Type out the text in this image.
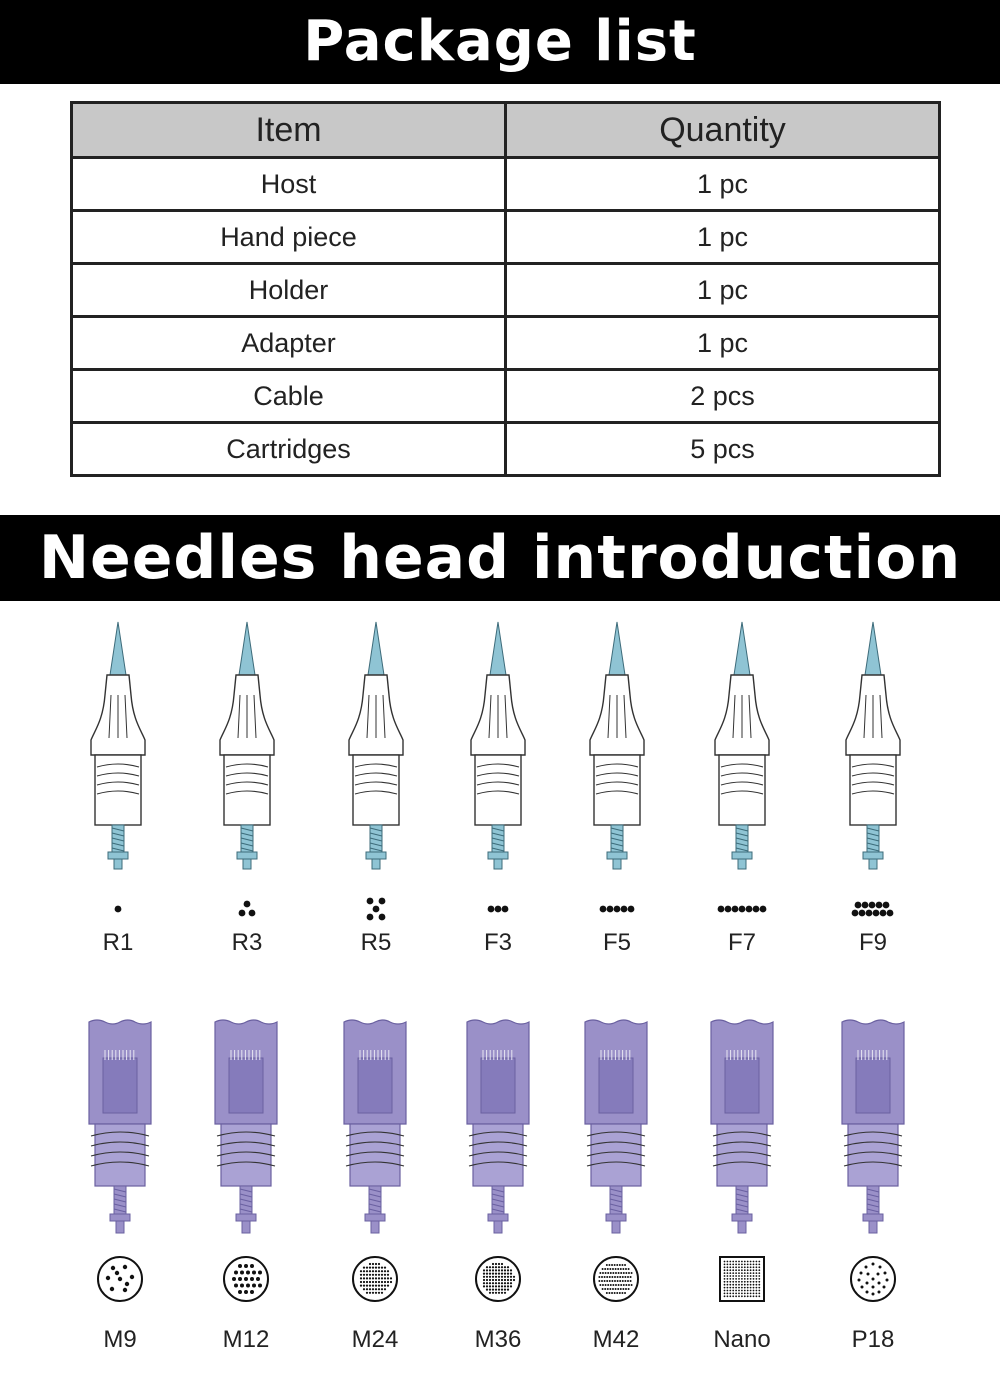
Package list
Item	Quantity
Host	1 pc
Hand piece	1 pc
Holder	1 pc
Adapter	1 pc
Cable	2 pcs
Cartridges	5 pcs
Needles head introduction
R1	R3	R5	F3	F5	F7	F9
M9	M12	M24	M36	M42	Nano	P18
